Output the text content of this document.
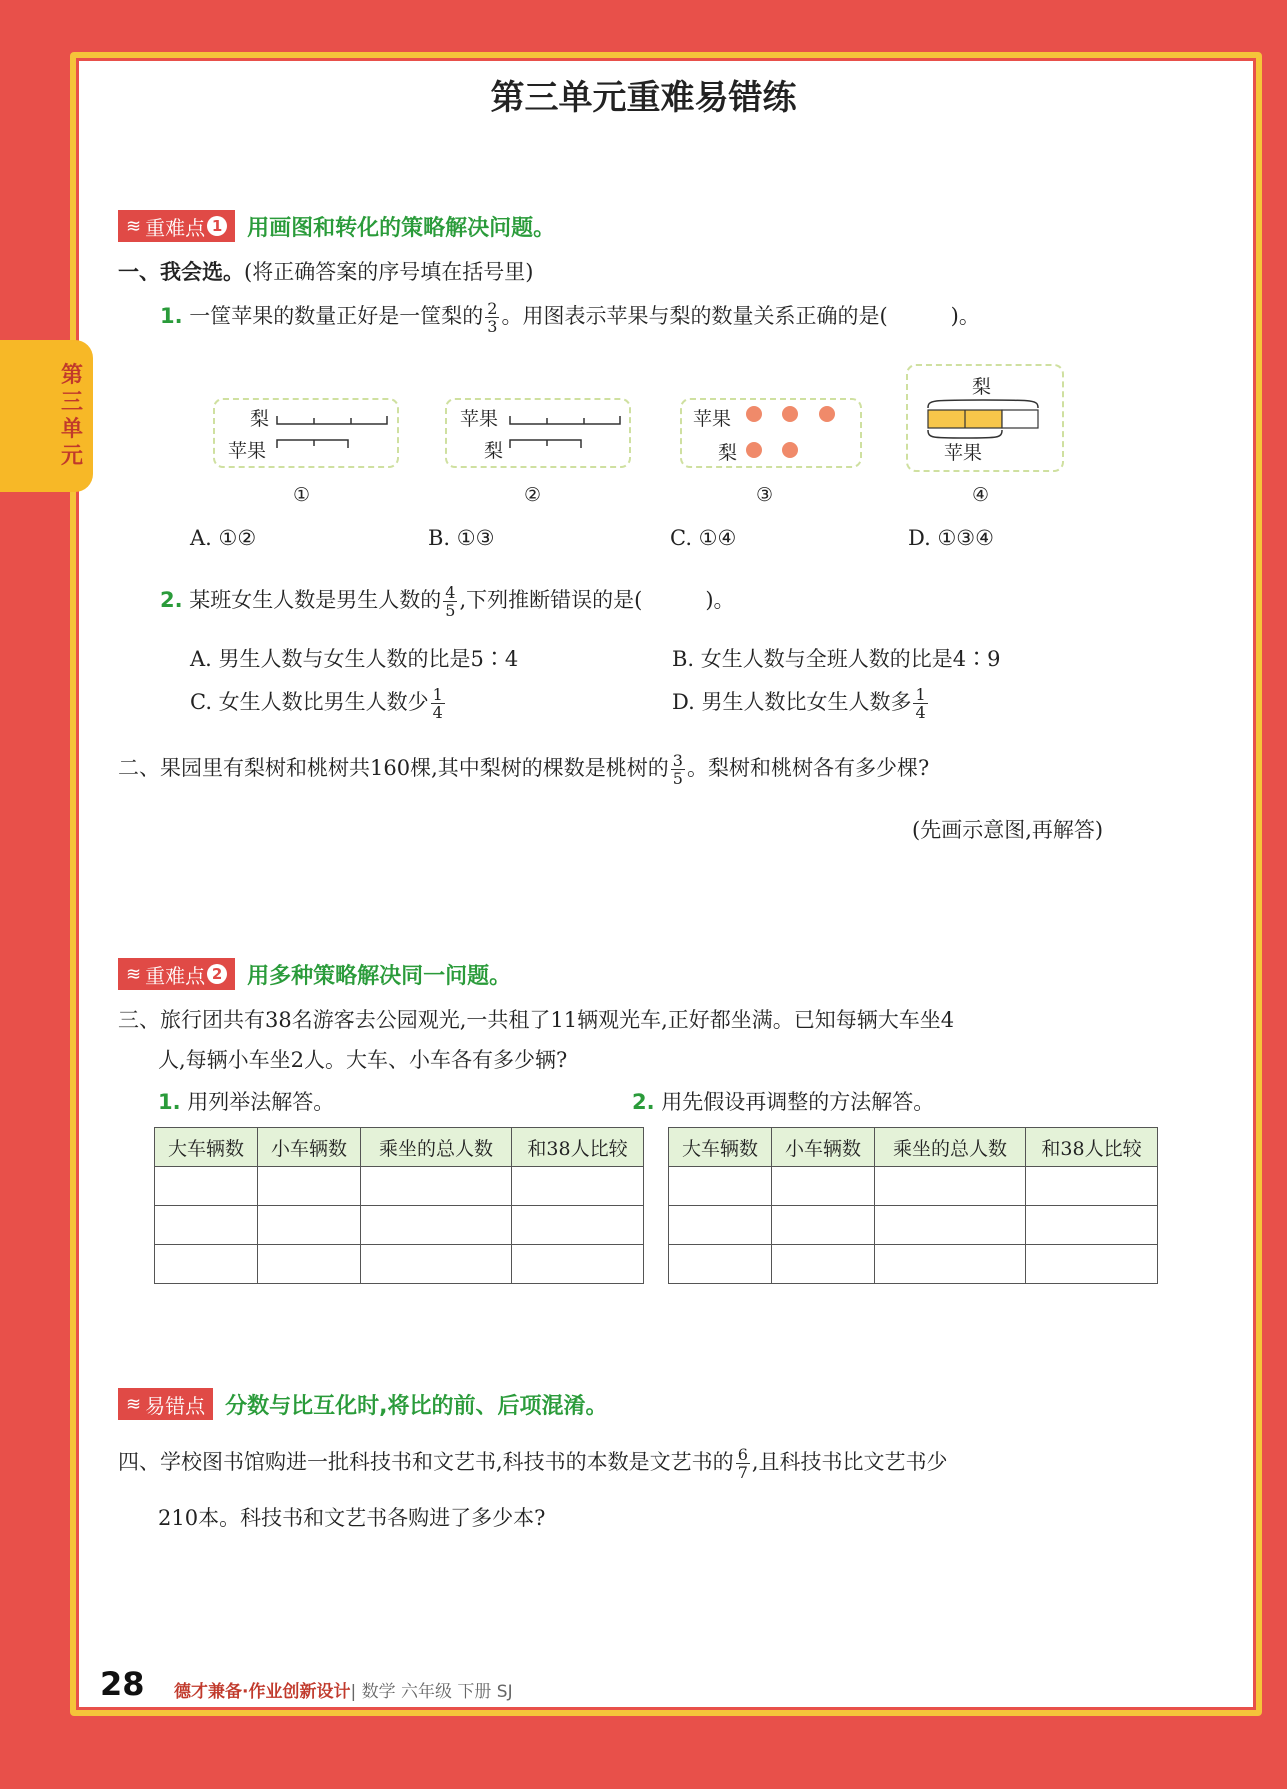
第三单元
第三单元重难易错练
≋ 重难点 1 用画图和转化的策略解决问题。
一、我会选。(将正确答案的序号填在括号里)
1. 一筐苹果的数量正好是一筐梨的 $\frac{2}{3}$ 。用图表示苹果与梨的数量关系正确的是(　　　)。
梨
苹果
苹果
梨
苹果
梨
梨
苹果
①	②	③	④
A. ①②	B. ①③	C. ①④	D. ①③④
2. 某班女生人数是男生人数的 $\frac{4}{5}$ ,下列推断错误的是(　　　)。
A. 男生人数与女生人数的比是5∶4	B. 女生人数与全班人数的比是4∶9
C. 女生人数比男生人数少 $\frac{1}{4}$	D. 男生人数比女生人数多 $\frac{1}{4}$
二、果园里有梨树和桃树共160棵,其中梨树的棵数是桃树的 $\frac{3}{5}$ 。梨树和桃树各有多少棵?
(先画示意图,再解答)
≋ 重难点 2 用多种策略解决同一问题。
三、旅行团共有38名游客去公园观光,一共租了11辆观光车,正好都坐满。已知每辆大车坐4
人,每辆小车坐2人。大车、小车各有多少辆?
1. 用列举法解答。	2. 用先假设再调整的方法解答。
大车辆数	小车辆数	乘坐的总人数	和38人比较

				大车辆数	小车辆数	乘坐的总人数	和38人比较

≋ 易错点 分数与比互化时,将比的前、后项混淆。
四、学校图书馆购进一批科技书和文艺书,科技书的本数是文艺书的 $\frac{6}{7}$ ,且科技书比文艺书少
210本。科技书和文艺书各购进了多少本?
28 德才兼备·作业创新设计| 数学 六年级 下册 SJ
